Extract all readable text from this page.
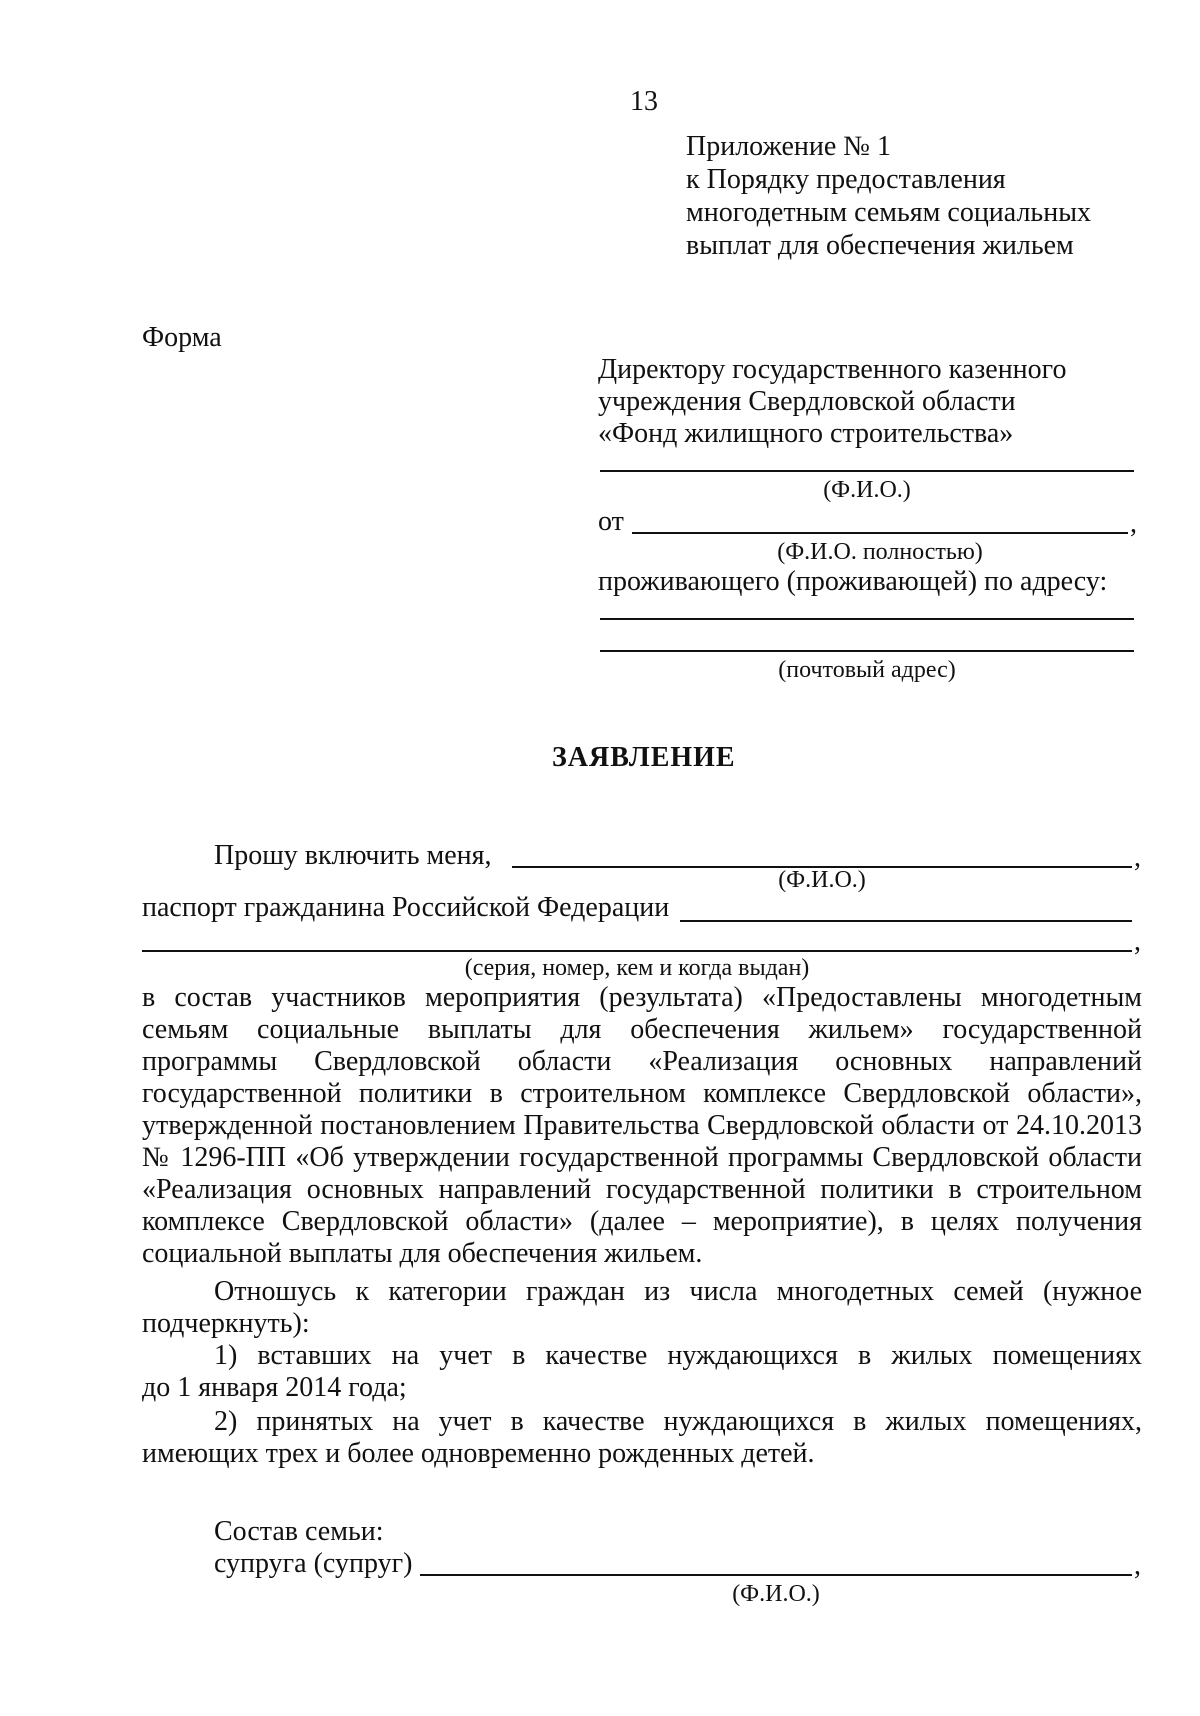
13
Приложение № 1
к Порядку предоставления
многодетным семьям социальных
выплат для обеспечения жильем
Форма
Директору государственного казенного
учреждения Свердловской области
«Фонд жилищного строительства»
(Ф.И.О.)
от	,
(Ф.И.О. полностью)
проживающего (проживающей) по адресу:
(почтовый адрес)
ЗАЯВЛЕНИЕ
Прошу включить меня,	,
(Ф.И.О.)
паспорт гражданина Российской Федерации
,
(серия, номер, кем и когда выдан)
в состав участников мероприятия (результата) «Предоставлены многодетным
семьям социальные выплаты для обеспечения жильем» государственной
программы Свердловской области «Реализация основных направлений
государственной политики в строительном комплексе Свердловской области»,
утвержденной постановлением Правительства Свердловской области от 24.10.2013
№ 1296-ПП «Об утверждении государственной программы Свердловской области
«Реализация основных направлений государственной политики в строительном
комплексе Свердловской области» (далее – мероприятие), в целях получения
социальной выплаты для обеспечения жильем.
Отношусь к категории граждан из числа многодетных семей (нужное
подчеркнуть):
1) вставших на учет в качестве нуждающихся в жилых помещениях
до 1 января 2014 года;
2) принятых на учет в качестве нуждающихся в жилых помещениях,
имеющих трех и более одновременно рожденных детей.
Состав семьи:
супруга (супруг)	,
(Ф.И.О.)
